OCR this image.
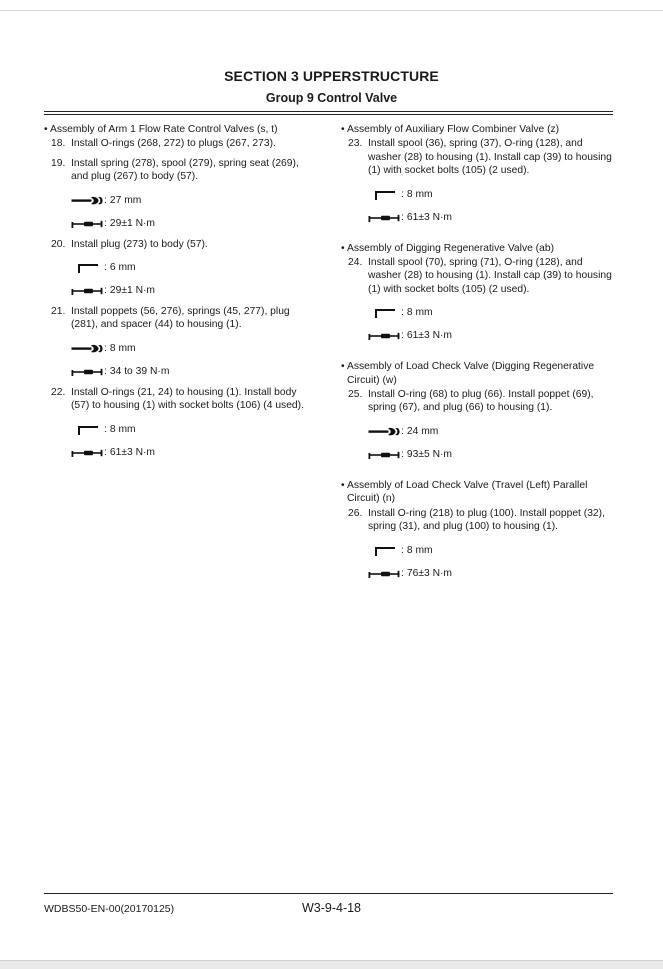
SECTION 3 UPPERSTRUCTURE
Group 9 Control Valve
• Assembly of Arm 1 Flow Rate Control Valves (s, t)
18. Install O-rings (268, 272) to plugs (267, 273).
19. Install spring (278), spool (279), spring seat (269), and plug (267) to body (57).
: 27 mm
: 29±1 N·m
20. Install plug (273) to body (57).
: 6 mm
: 29±1 N·m
21. Install poppets (56, 276), springs (45, 277), plug (281), and spacer (44) to housing (1).
: 8 mm
: 34 to 39 N·m
22. Install O-rings (21, 24) to housing (1). Install body (57) to housing (1) with socket bolts (106) (4 used).
: 8 mm
: 61±3 N·m
• Assembly of Auxiliary Flow Combiner Valve (z)
23. Install spool (36), spring (37), O-ring (128), and washer (28) to housing (1). Install cap (39) to housing (1) with socket bolts (105) (2 used).
: 8 mm
: 61±3 N·m
• Assembly of Digging Regenerative Valve (ab)
24. Install spool (70), spring (71), O-ring (128), and washer (28) to housing (1). Install cap (39) to housing (1) with socket bolts (105) (2 used).
: 8 mm
: 61±3 N·m
• Assembly of Load Check Valve (Digging Regenerative Circuit) (w)
25. Install O-ring (68) to plug (66). Install poppet (69), spring (67), and plug (66) to housing (1).
: 24 mm
: 93±5 N·m
• Assembly of Load Check Valve (Travel (Left) Parallel Circuit) (n)
26. Install O-ring (218) to plug (100). Install poppet (32), spring (31), and plug (100) to housing (1).
: 8 mm
: 76±3 N·m
WDBS50-EN-00(20170125)	W3-9-4-18
